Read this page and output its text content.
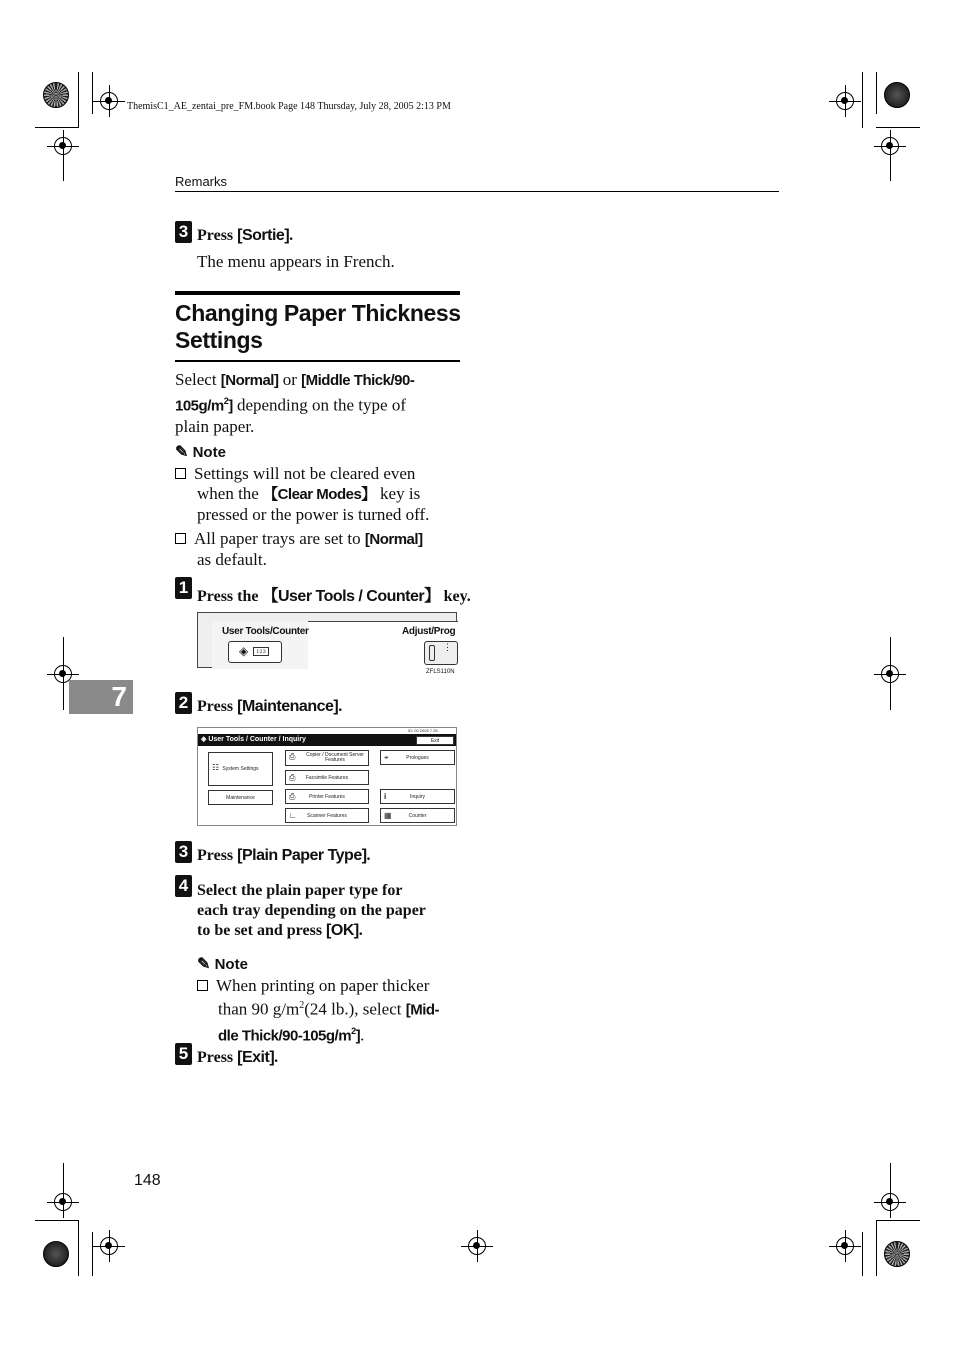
ThemisC1_AE_zentai_pre_FM.book Page 148 Thursday, July 28, 2005 2:13 PM
Remarks
7
3 Press [Sortie].
The menu appears in French.
Changing Paper Thickness
Settings
Select [Normal] or [Middle Thick/90-
$105g/m^2$] depending on the type of
plain paper.
✎ Note
Settings will not be cleared even
when the 【Clear Modes】 key is
pressed or the power is turned off.
All paper trays are set to [Normal]
as default.
1 Press the 【User Tools / Counter】 key.
User Tools/Counter
◈	123
Adjust/Prog
⋮
ZFLS110N
2 Press [Maintenance].
ID: 00 2005 7 28
◈ User Tools / Counter / Inquiry	Exit
☷ System Settings
Maintenance
⎙	Copier / Document Server Features
⎙ Facsimile Features
⎙	Printer Features
∟ Scanner Features
⌖	Prologues
i	Inquiry
▦	Counter
3 Press [Plain Paper Type].
4 Select the plain paper type for
each tray depending on the paper
to be set and press [OK].
✎ Note
When printing on paper thicker
than 90 $g/m^2(24$ lb.), select [Mid-
dle Thick/$90-105g/m^2$].
5 Press [Exit].
148
